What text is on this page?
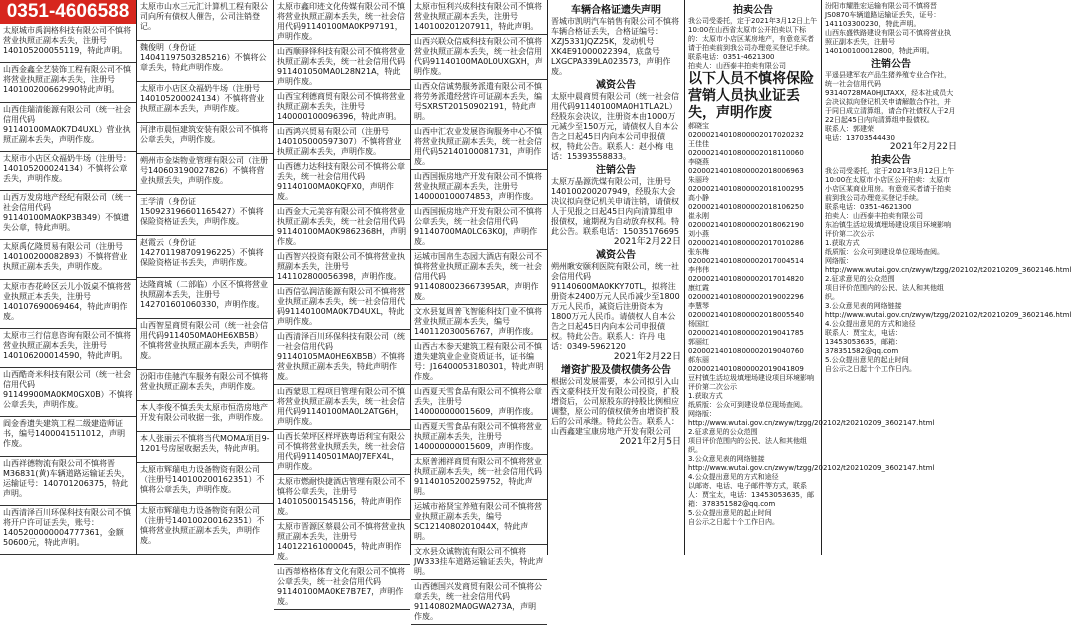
0351-4606588
太原城市禹润格科技有限公司不慎将营业执照正副本丢失，注册号140105200055119，特此声明。
山西金鑫全艺装饰工程有限公司不慎将营业执照正副本丢失，注册号140100200662990特此声明。
山西佳瑞清能源有限公司（统一社会信用代码91140100MA0K7D4UXL）营业执照正副本丢失，声明作废。
太原市小店区众福奶牛场（注册号：140105200024134）不慎将公章丢失，声明作废。
山西万发房地产经纪有限公司（统一社会信用代码91140100MA0KP3B349）不慎遗失公章，特此声明。
太原禹亿隆贸易有限公司（注册号140100200082893）不慎将营业执照正副本丢失，声明作废。
太原市杏花岭区云儿小饭桌不慎将营业执照正本丢失，注册号140107690069464，特此声明作废。
太原市三行信息咨询有限公司不慎将营业执照正副本丢失，注册号140106200014590，特此声明。
山西酷奇米科技有限公司（统一社会信用代码91149900MA0KM0GX0B）不慎将公章丢失，声明作废。
阎金香遗失建筑工程二级建造师证书，编号1400041511012，声明作废。
山西祥德物流有限公司不慎将晋M36831(黄)车辆道路运输证丢失，运输证号：140701206375，特此声明。
山西清泽百川环保科技有限公司不慎将开户许可证丢失，账号：1405200000004777361，金额50600元，特此声明。
太原市山水三元汇计算机工程有限公司向所有债权人催告，公司注销登记。
魏俊明（身份证14041197503285216）不慎将公章丢失，特此声明作废。
太原市小店区众福奶牛场（注册号140105200024134）不慎将营业执照正副本丢失，声明作废。
河津市晨恒建筑安装有限公司不慎将公章丢失，声明作废。
朔州市金柒物业管理有限公司（注册号140603190027826）不慎将营业执照丢失，声明作废。
王学清（身份证150923196601165427）不慎将保险资格证丢失，声明作废。
赵霞云（身份证142701198709196225）不慎将保险资格证书丢失，声明作废。
达隆商城（二部临）小区不慎将营业执照副本丢失，注册号142701601060330，声明作废。
山西智星商贸有限公司（统一社会信用代码9114050MA0HE6XB5B）不慎将营业执照正副本丢失，声明作废。
汾阳市佳驰汽车服务有限公司不慎将营业执照正副本丢失，声明作废。
本人李俊不慎丢失太原市恒浩房地产开发有限公司收据一张，声明作废。
本人张丽云不慎将当代MOMA项目9-1201号房屋收据丢失，特此声明。
太原市辉瑞电力设备物资有限公司（注册号140100200162351）不慎将公章丢失，声明作废。
太原市辉瑞电力设备物资有限公司（注册号140100200162351）不慎将营业执照正副本丢失，声明作废。
太原市鑫印迹文化传媒有限公司不慎将营业执照正副本丢失，统一社会信用代码91140100MA0KP97191，声明作废。
山西顺驿铎科技有限公司不慎将营业执照正副本丢失，统一社会信用代码911401050MA0L28N21A，特此声明作废。
山西宝利德商贸有限公司不慎将营业执照正副本丢失，注册号140000100096396，特此声明。
山西鸿兴贸易有限公司（注册号140105000597307）不慎将营业执照正副本丢失，声明作废。
山西德力达科技有限公司不慎将公章丢失，统一社会信用代码91140100MA0KQFX0，声明作废。
山西金大元美容有限公司不慎将营业执照正副本丢失，统一社会信用代码91140100MA0K9862368H，声明作废。
山西智兴投资有限公司不慎将营业执照副本丢失，注册号141102800056398，声明作废。
山西信弘润洁能源有限公司不慎将营业执照正副本丢失，统一社会信用代码91140100MA0K7D4UXL，特此声明作废。
山西清泽百川环保科技有限公司（统一社会信用代码91140105MA0HE6XB5B）不慎将营业执照正副本丢失，特此声明作废。
山西蒙思工程项目管理有限公司不慎将营业执照正副本丢失，统一社会信用代码91140100MA0L2ATG6H，声明作废。
山西长荣坪区样坪族粤语利宝有限公司不慎将营业执照丢失，统一社会信用代码91140501MA0J7EFX4L，声明作废。
太原市燃耐快捷酒店管理有限公司不慎将公章丢失，注册号140105001545156，特此声明作废。
太原市晋源区蔡晨公司不慎将营业执照正副本丢失，注册号140122161000045，特此声明作废。
山西蒂格格体育文化有限公司不慎将公章丢失，统一社会信用代码91140100MA0KE7B7E7，声明作废。
太原市恒利兴成科技有限公司不慎将营业执照正副本丢失，注册号140100201207911，特此声明。
山西兴联众信威科技有限公司不慎将营业执照正副本丢失，统一社会信用代码91140100MA0L0UXGXH，声明作废。
山西众信诚势服务派遣有限公司不慎将劳务派遣经营许可证副本丢失，编号SXRST20150902191，特此声明。
山西中汇农业发展咨询服务中心不慎将营业执照正副本丢失，统一社会信用代码52140100081731，声明作废。
山西国振房地产开发有限公司不慎将营业执照正副本丢失，注册号140000100074853，声明作废。
山西国振房地产开发有限公司不慎将公章丢失，统一社会信用代码91140700MA0LC63K0J，声明作废。
运城市国帛生态园大酒店有限公司不慎将营业执照正副本丢失，统一社会信用代码9114080023667395AR，声明作废。
文水县复周普飞智能科技门业不慎将营业执照正副本丢失，编号140112030056767，声明作废。
山西古木参天建筑工程有限公司不慎遗失建筑业企业资质证书，证书编号：J16400053180301，特此声明作废。
山西夏天雪食品有限公司不慎将公章丢失，注册号140000000015609，声明作废。
山西夏天雪食品有限公司不慎将营业执照正副本丢失，注册号140000000015609，声明作废。
太原普湘祥商贸有限公司不慎将营业执照正副本丢失，统一社会信用代码91140105200259752，特此声明。
运城市裕贤宝养殖有限公司不慎将营业执照正副本丢失，编号SC1214080201044X，特此声明。
文水县众诚物流有限公司不慎将JW333挂车道路运输证丢失，特此声明。
山西德国兴发商贸有限公司不慎将公章丢失，统一社会信用代码91140802MA0GWA273A，声明作废。
车辆合格证遗失声明
晋城市凯明汽车销售有限公司不慎将车辆合格证丢失，合格证编号：XZJ5331JQZ25K，发动机号XK4E91000022394，底盘号LXGCPA339LA023573，声明作废。
减资公告
太原中晨商贸有限公司（统一社会信用代码91140100MA0H1TLA2L）经股东会决议，注册资本由1000万元减少至150万元，请债权人自本公告之日起45日内向本公司申报债权，特此公告。联系人：赵小梅 电话：15393558833。
注销公告
太原万晶源洗煤有限公司，注册号140100200207949，经股东大会决议拟向登记机关申请注销，请债权人于见报之日起45日内向清算组申报债权，逾期视为自动放弃权利。特此公告。联系电话：15035176695
2021年2月22日
减资公告
朔州瞅安颐利医院有限公司，统一社会信用代码91140600MA0KKY70TL，拟将注册资本2400万元人民币减少至1800万元人民币，减资后注册资本为1800万元人民币。请债权人自本公告之日起45日内向本公司申报债权。特此公告。联系人：许丹 电话：0349-5962120
2021年2月22日
增资扩股及债权债务公告
根据公司发展需要，本公司拟引入山西文豪科技开发有限公司投资，扩股增资后，公司原股东的持股比例相应调整，原公司的债权债务由增资扩股后的公司承继。特此公告。联系人：山西鑫建宝康房地产开发有限公司
2021年2月5日
拍卖公告
我公司受委托，定于2021年3月12日上午10:00在山西省太原市公开拍卖以下标的：太原市小店区某房地产，有意竞买者请于拍卖前到我公司办理竞买登记手续。
联系电话：0351-4621300
拍卖人：山西泰丰拍卖有限公司
以下人员不慎将保险营销人员执业证丢失，声明作废
郝晓宝02000214010800002017020232
王佳佳02000214010800002018110060
李晓燕02000214010800002018006963
朱丽玲02000214010800002018100295
高小静02000214010800002018106250
崔永刚02000214010800002018062190
刘小燕02000214010800002017010286
张东梅02000214010800002017004514
李伟伟02000214010800002017014820
康红霞02000214010800002019002296
李慧琴02000214010800002018005540
杨国红02000214010800002019041785
郭丽红02000214010800002019040760
郝东丽02000214010800002019041809
豆村镇生活垃圾填埋场建设项目环境影响评价第二次公示
1.获取方式
纸质版：公众可到建设单位现场查阅。
网络版：http://www.wutai.gov.cn/zwyw/tzgg/202102/t20210209_3602147.html
2.征求意见的公众范围
项目评价范围内的公民、法人和其他组织。
3.公众意见表的网络链接
http://www.wutai.gov.cn/zwyw/tzgg/202102/t20210209_3602147.html
4.公众提出意见的方式和途径
以邮寄、电话、电子邮件等方式，联系人：贾宝太，电话：13453053635，邮箱：378351582@qq.com
5.公众提出意见的起止时间
自公示之日起十个工作日内。
汾阳市耀胜宏运输有限公司不慎将晋JS0870车辆道路运输证丢失，证号：141103300230，特此声明。
山西东盛铁路建设有限公司不慎将营业执照正副本丢失，注册号140100100012800，特此声明。
注销公告
平遥县建军农产品生猪养殖专业合作社，统一社会信用代码93140728MA0HJLTAXX，经本社成员大会决议拟向登记机关申请解散合作社，并于同日成立清算组，请合作社债权人于2月22日起45日内向清算组申报债权。
联系人：郭建荣
电话：13703544430
2021年2月22日
拍卖公告
我公司受委托，定于2021年3月12日上午10:00在太原市小店区公开拍卖：太原市小店区某商业用房。有意竞买者请于拍卖前到我公司办理竞买登记手续。
联系电话：0351-4621300
拍卖人：山西泰丰拍卖有限公司
东冶镇生活垃圾填埋场建设项目环境影响评价第二次公示
1.获取方式
纸质版：公众可到建设单位现场查阅。
网络版：http://www.wutai.gov.cn/zwyw/tzgg/202102/t20210209_3602146.html
2.征求意见的公众范围
项目评价范围内的公民、法人和其他组织。
3.公众意见表的网络链接
http://www.wutai.gov.cn/zwyw/tzgg/202102/t20210209_3602146.html
4.公众提出意见的方式和途径
联系人：贾宝太，电话：13453053635，邮箱：378351582@qq.com
5.公众提出意见的起止时间
自公示之日起十个工作日内。
